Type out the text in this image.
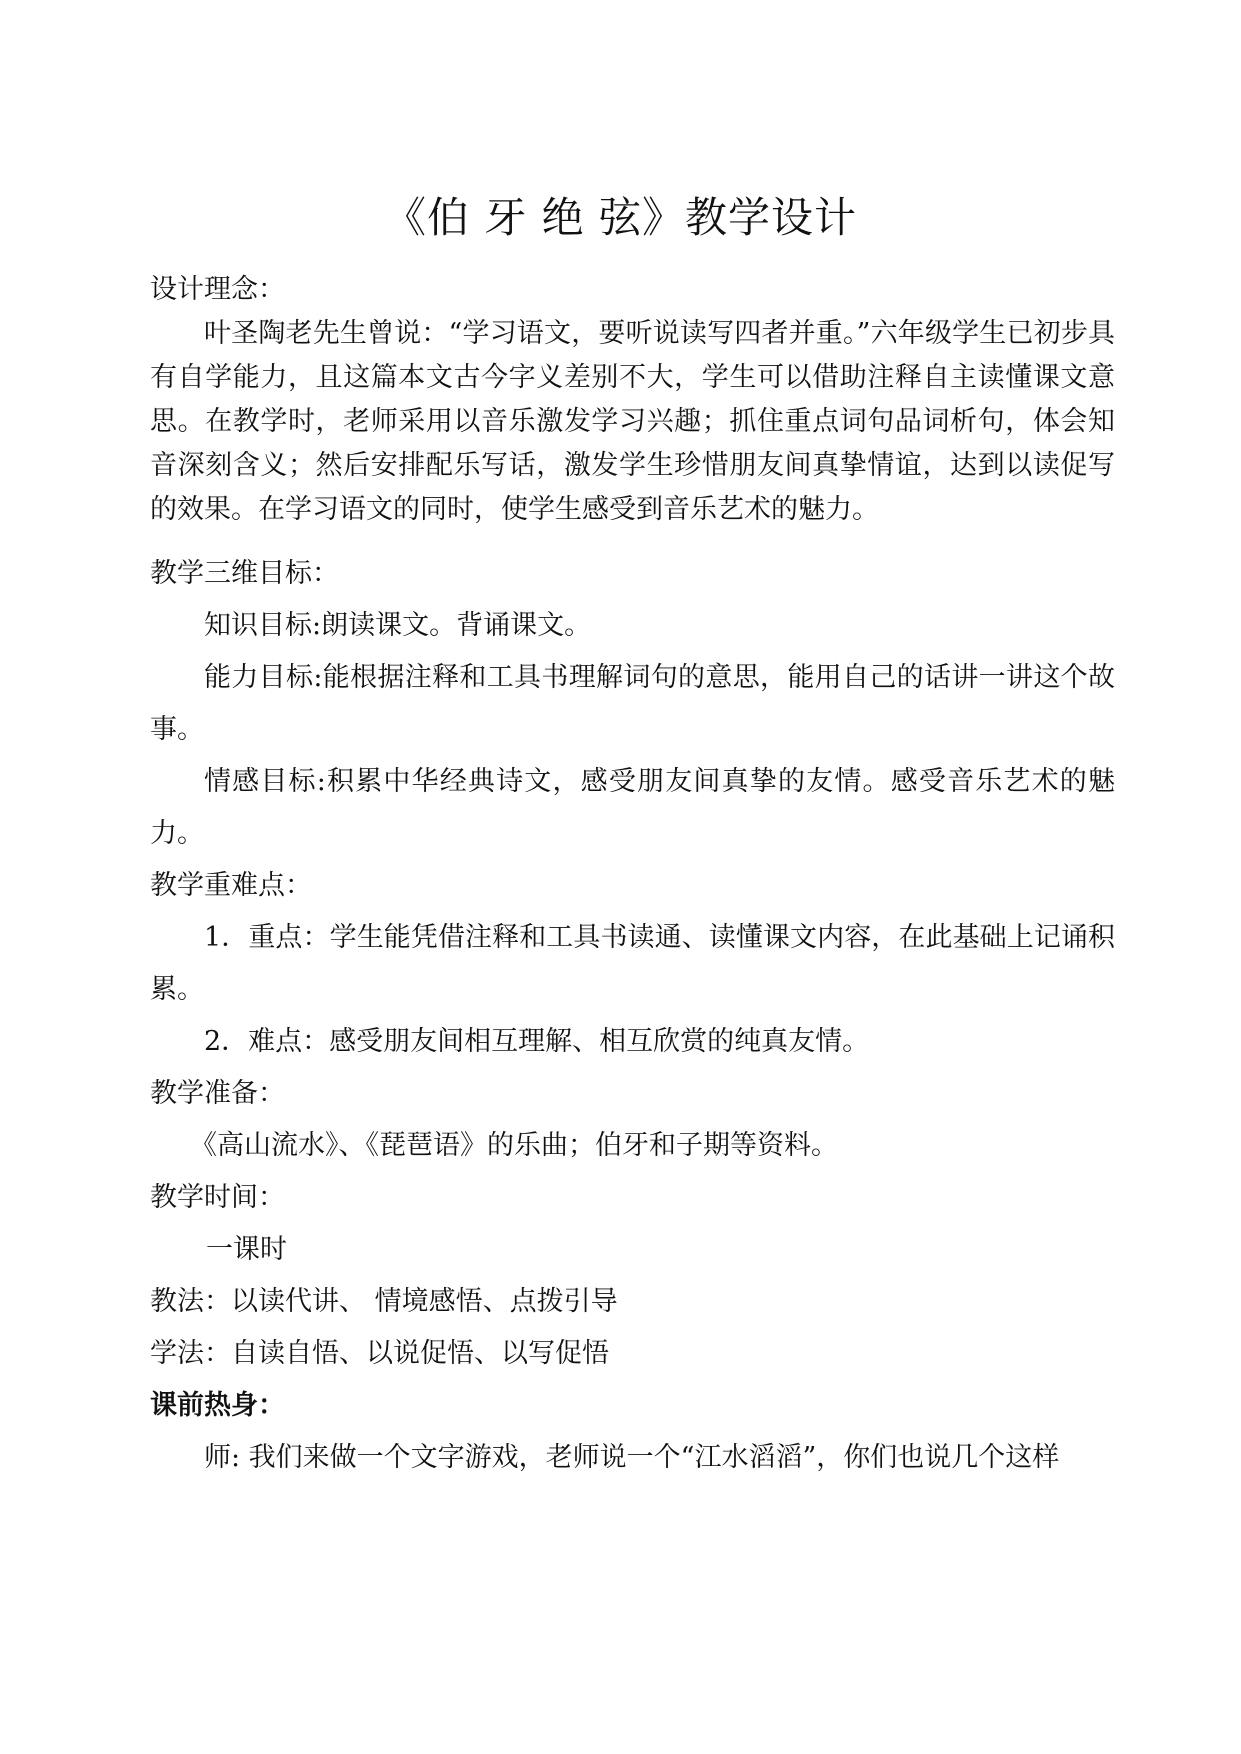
《伯 牙 绝 弦》教学设计

设计理念：

叶圣陶老先生曾说：“学习语文，要听说读写四者并重。”六年级学生已初步具有自学能力，且这篇本文古今字义差别不大，学生可以借助注释自主读懂课文意思。在教学时，老师采用以音乐激发学习兴趣；抓住重点词句品词析句，体会知音深刻含义；然后安排配乐写话，激发学生珍惜朋友间真挚情谊，达到以读促写的效果。在学习语文的同时，使学生感受到音乐艺术的魅力。

教学三维目标：

知识目标:朗读课文。背诵课文。

能力目标:能根据注释和工具书理解词句的意思，能用自己的话讲一讲这个故事。

情感目标:积累中华经典诗文，感受朋友间真挚的友情。感受音乐艺术的魅力。

教学重难点：

1．重点：学生能凭借注释和工具书读通、读懂课文内容，在此基础上记诵积累。

2．难点：感受朋友间相互理解、相互欣赏的纯真友情。

教学准备：

《高山流水》、《琵琶语》的乐曲；伯牙和子期等资料。

教学时间：

一课时

教法：以读代讲、 情境感悟、点拨引导

学法：自读自悟、以说促悟、以写促悟

课前热身：

师: 我们来做一个文字游戏，老师说一个“江水滔滔”，你们也说几个这样
